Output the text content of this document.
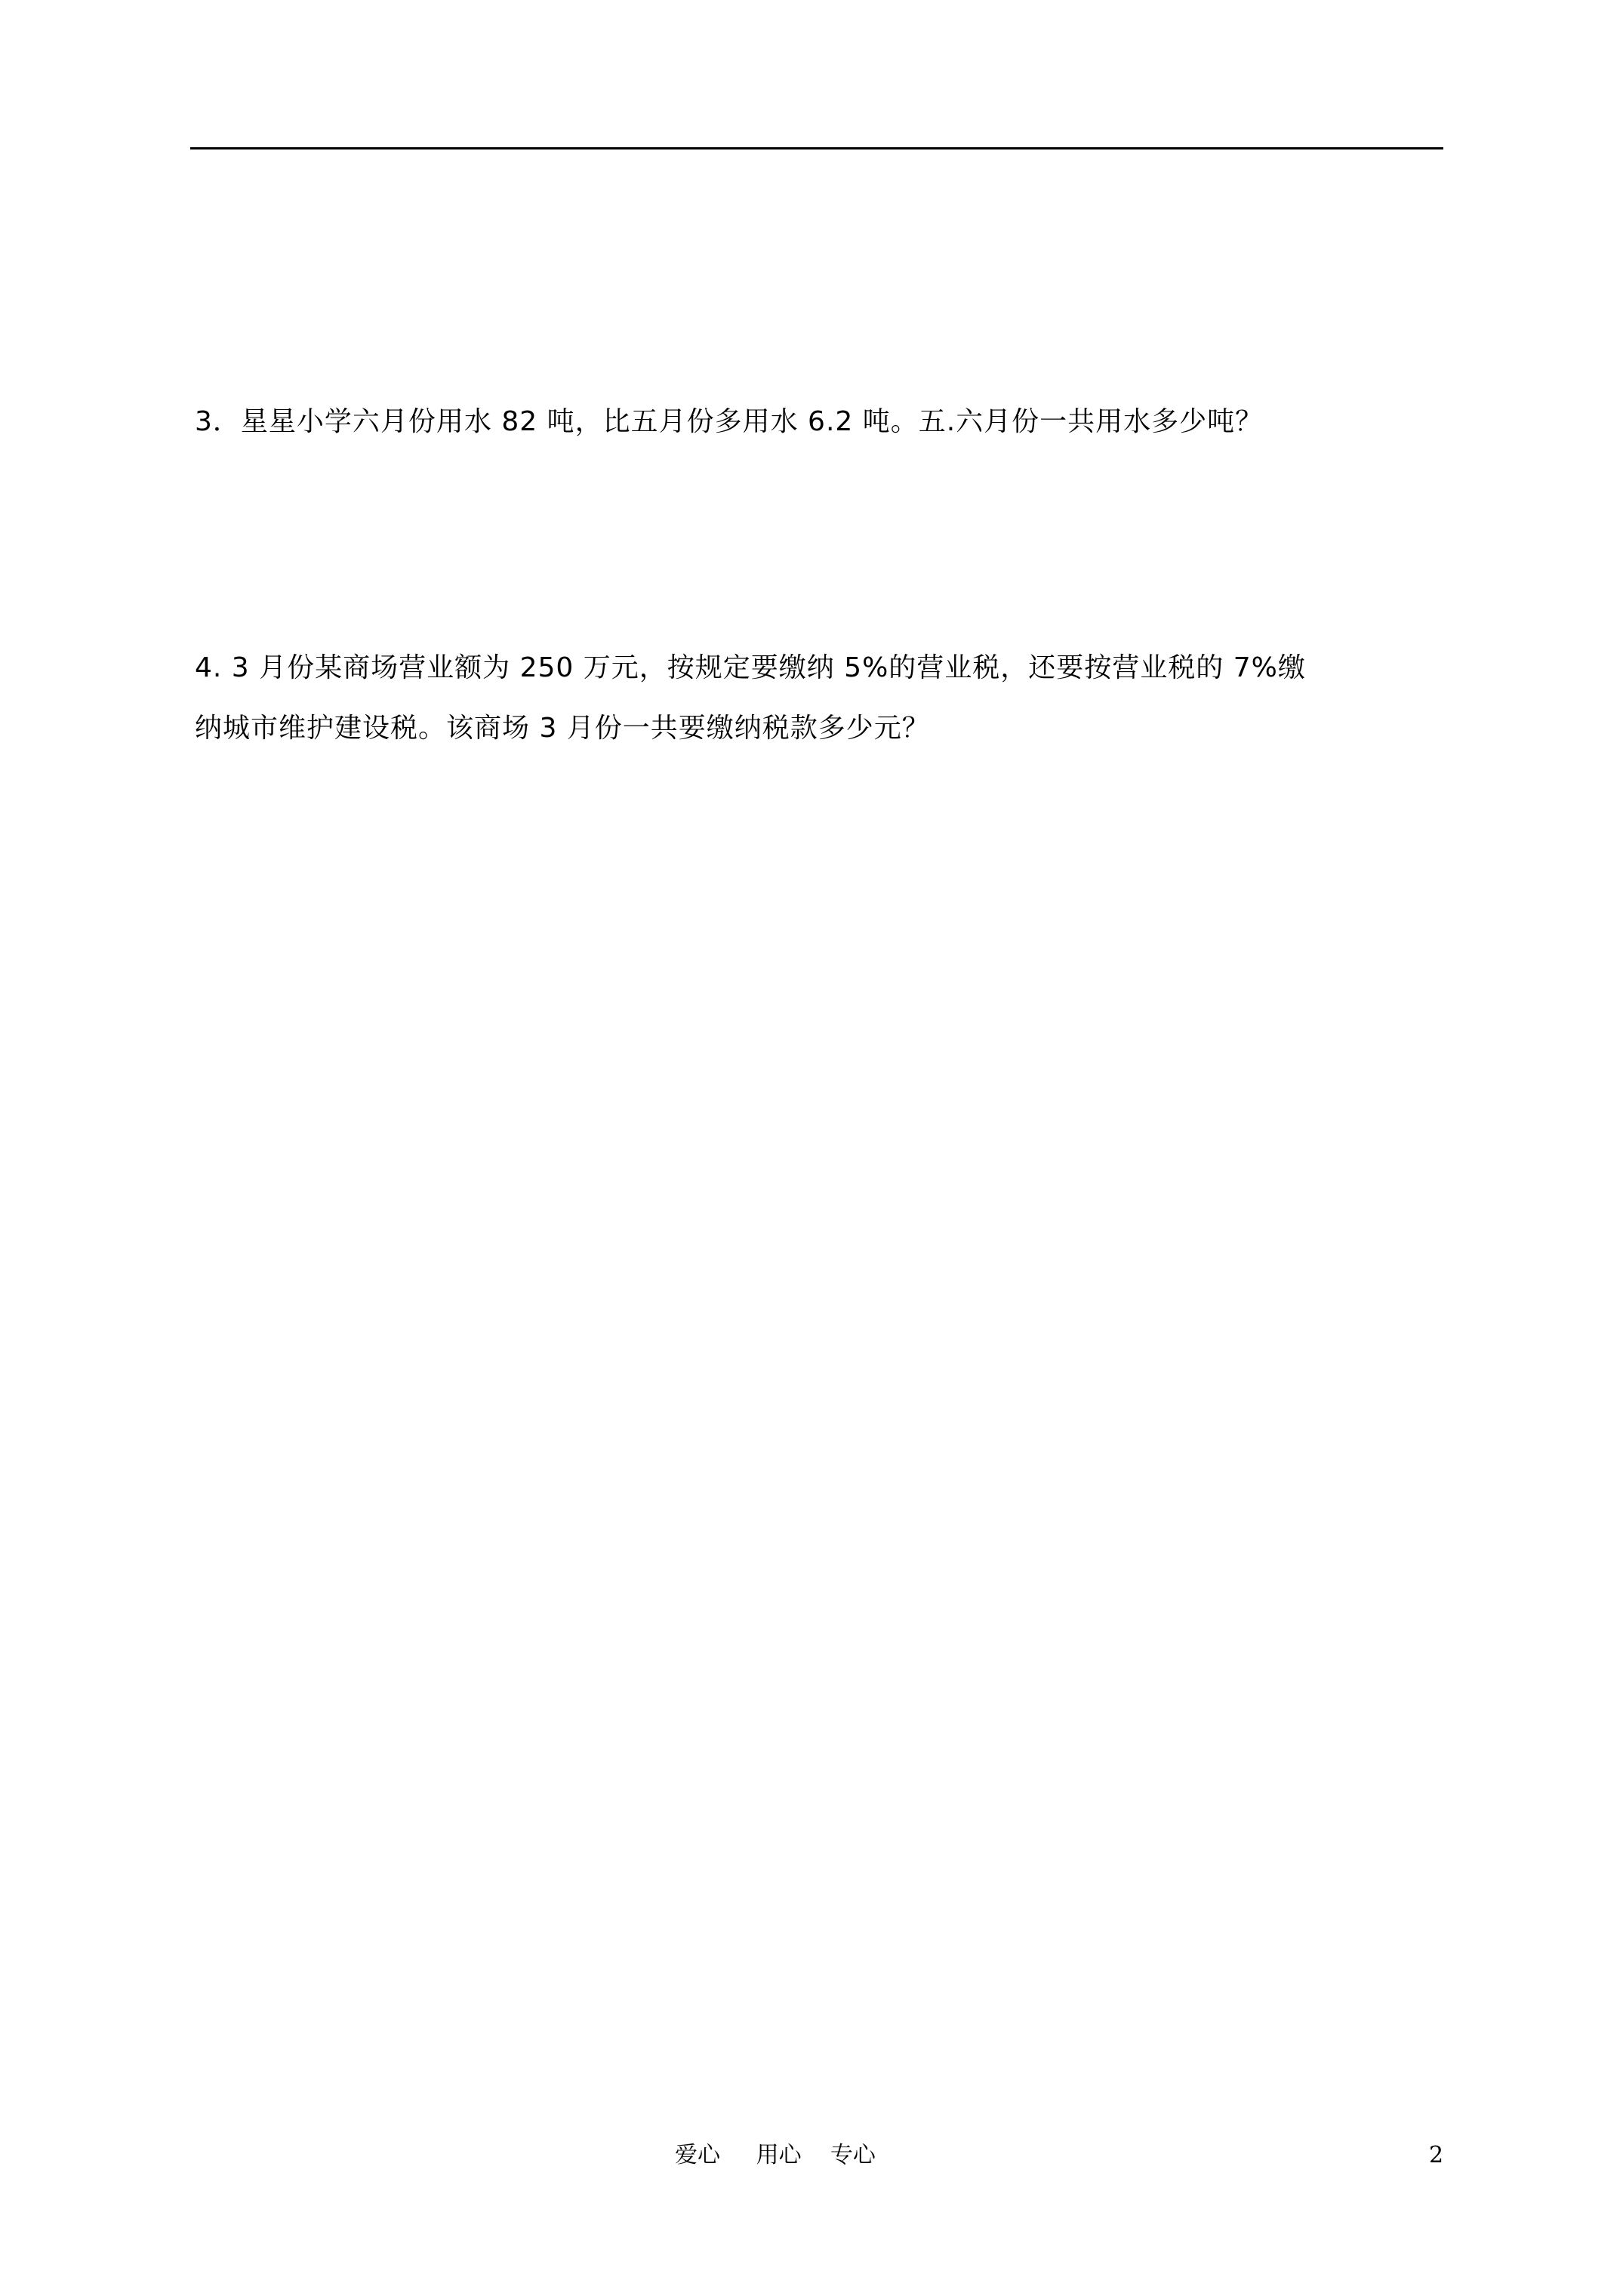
3．星星小学六月份用水 82 吨，比五月份多用水 6.2 吨。五.六月份一共用水多少吨？
4. 3 月份某商场营业额为 250 万元，按规定要缴纳 5%的营业税，还要按营业税的 7%缴
纳城市维护建设税。该商场 3 月份一共要缴纳税款多少元？
爱心     用心    专心	2
